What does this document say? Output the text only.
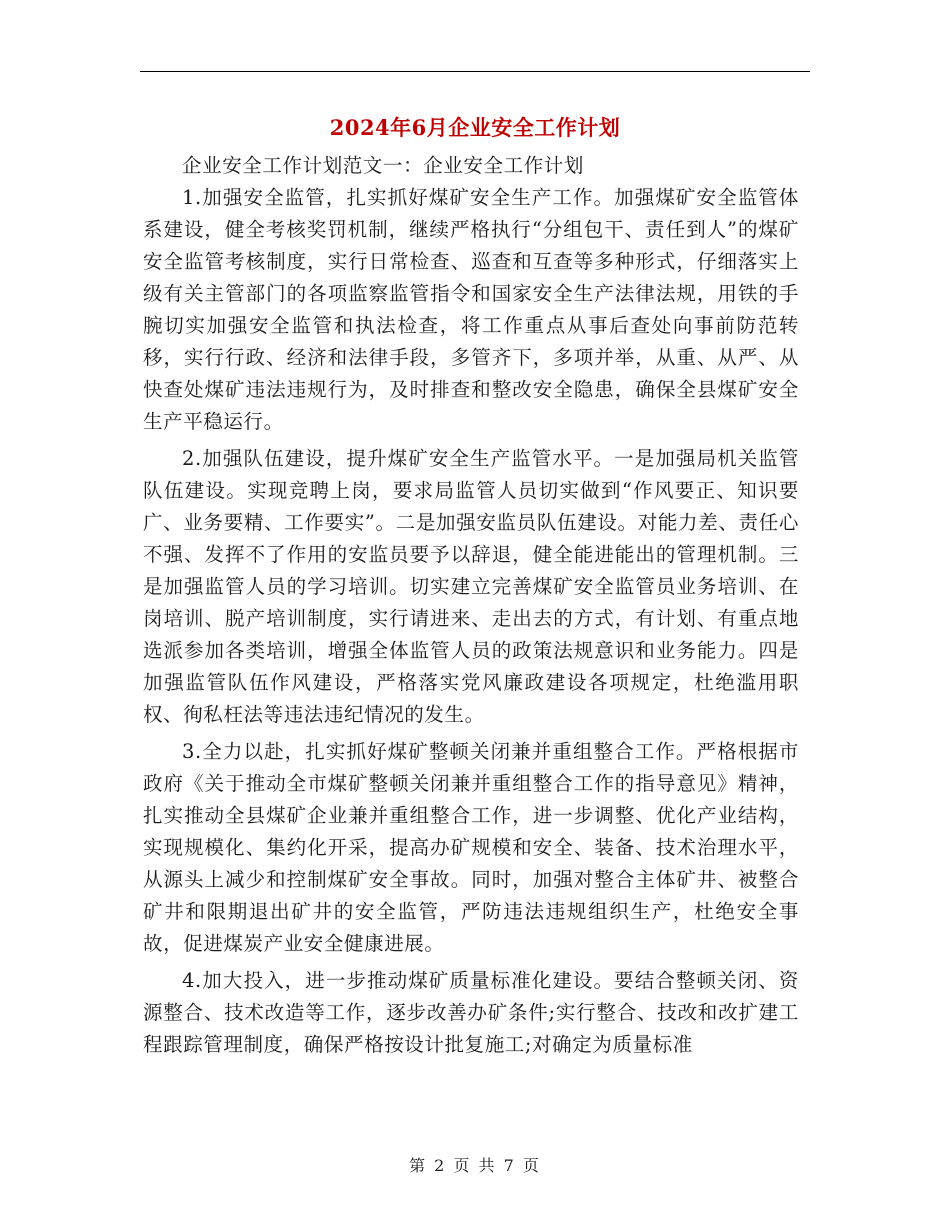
2024年6月企业安全工作计划

企业安全工作计划范文一：企业安全工作计划

1.加强安全监管，扎实抓好煤矿安全生产工作。加强煤矿安全监管体系建设，健全考核奖罚机制，继续严格执行“分组包干、责任到人”的煤矿安全监管考核制度，实行日常检查、巡查和互查等多种形式，仔细落实上级有关主管部门的各项监察监管指令和国家安全生产法律法规，用铁的手腕切实加强安全监管和执法检查，将工作重点从事后查处向事前防范转移，实行行政、经济和法律手段，多管齐下，多项并举，从重、从严、从快查处煤矿违法违规行为，及时排查和整改安全隐患，确保全县煤矿安全生产平稳运行。

2.加强队伍建设，提升煤矿安全生产监管水平。一是加强局机关监管队伍建设。实现竞聘上岗，要求局监管人员切实做到“作风要正、知识要广、业务要精、工作要实”。二是加强安监员队伍建设。对能力差、责任心不强、发挥不了作用的安监员要予以辞退，健全能进能出的管理机制。三是加强监管人员的学习培训。切实建立完善煤矿安全监管员业务培训、在岗培训、脱产培训制度，实行请进来、走出去的方式，有计划、有重点地选派参加各类培训，增强全体监管人员的政策法规意识和业务能力。四是加强监管队伍作风建设，严格落实党风廉政建设各项规定，杜绝滥用职权、徇私枉法等违法违纪情况的发生。

3.全力以赴，扎实抓好煤矿整顿关闭兼并重组整合工作。严格根据市政府《关于推动全市煤矿整顿关闭兼并重组整合工作的指导意见》精神，扎实推动全县煤矿企业兼并重组整合工作，进一步调整、优化产业结构，实现规模化、集约化开采，提高办矿规模和安全、装备、技术治理水平，从源头上减少和控制煤矿安全事故。同时，加强对整合主体矿井、被整合矿井和限期退出矿井的安全监管，严防违法违规组织生产，杜绝安全事故，促进煤炭产业安全健康进展。

4.加大投入，进一步推动煤矿质量标准化建设。要结合整顿关闭、资源整合、技术改造等工作，逐步改善办矿条件;实行整合、技改和改扩建工程跟踪管理制度，确保严格按设计批复施工;对确定为质量标准

第 2 页 共 7 页
